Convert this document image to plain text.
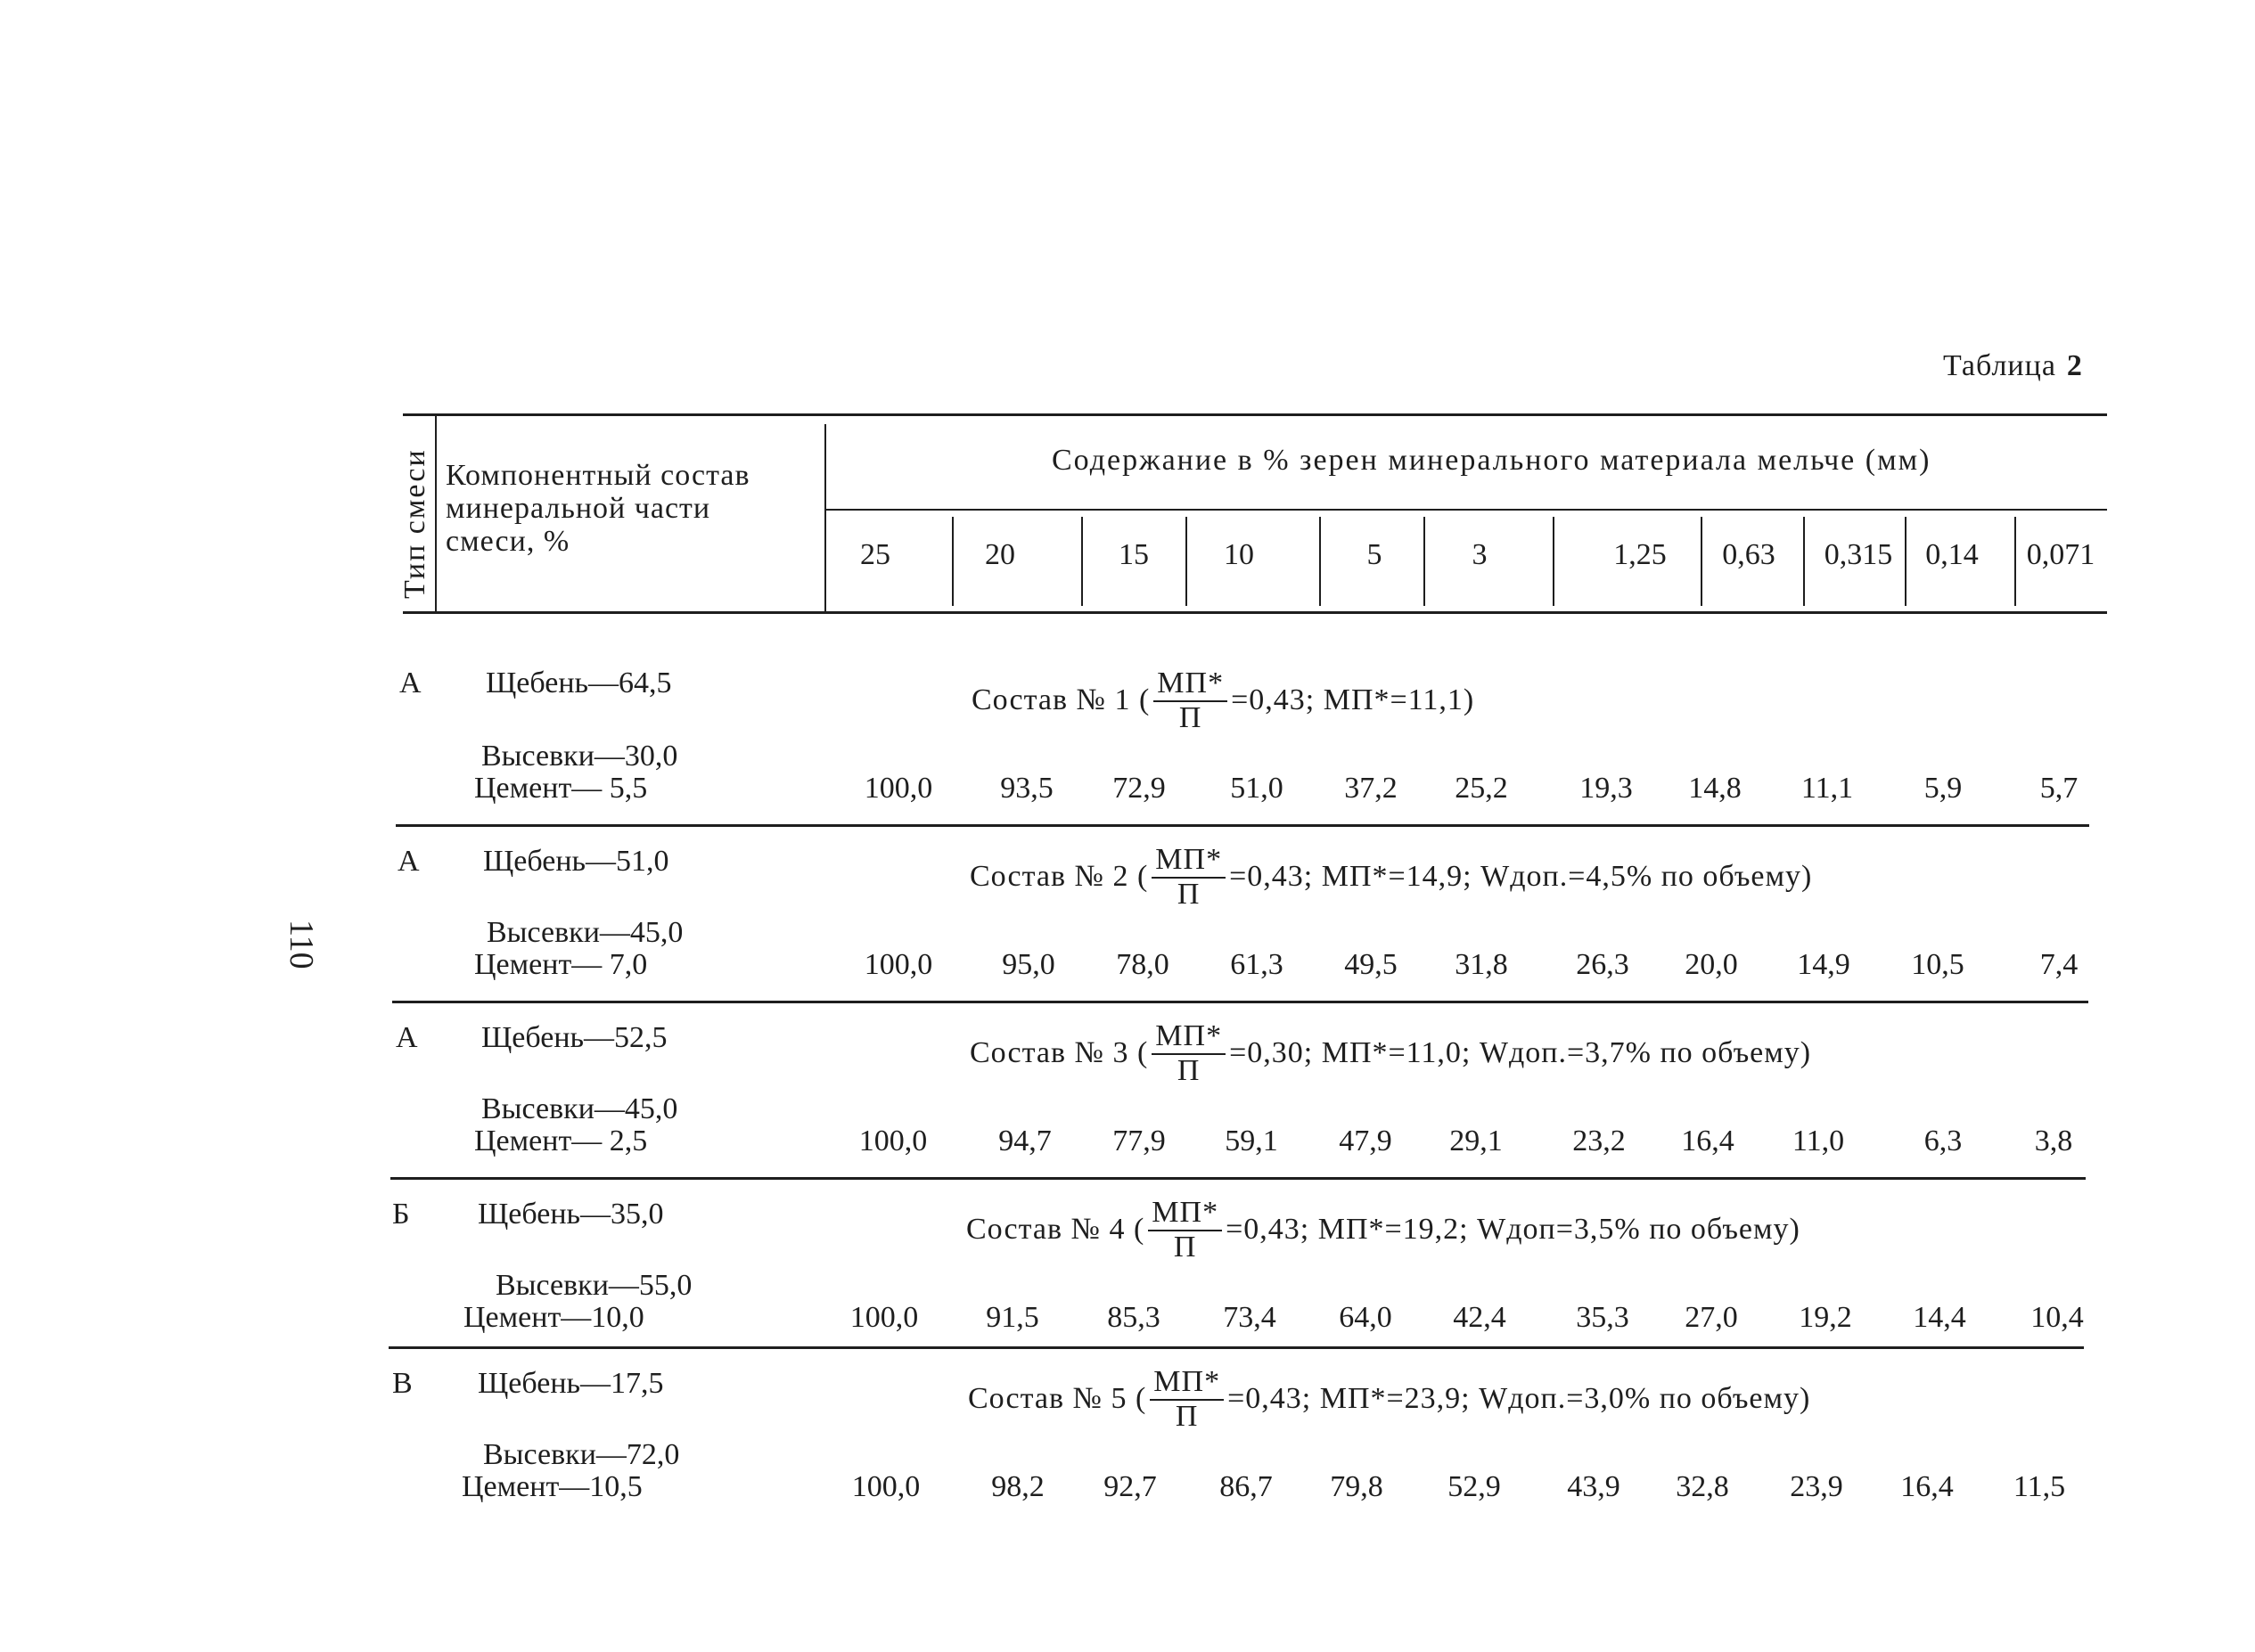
Таблица 2
110
Тип смеси Компонентный состав
минеральной части
смеси, %
Содержание в % зерен минерального материала мельче (мм)
25	20	15	10	5	3	1,25	0,63	0,315	0,14	0,071
А Щебень—64,5
Высевки—30,0
Цемент— 5,5
Состав № 1 ( $\frac{МП*}{П} =0,43$; МП*=11,1)
100,0	93,5	72,9	51,0	37,2	25,2	19,3	14,8	11,1	5,9	5,7
А Щебень—51,0
Высевки—45,0
Цемент— 7,0
Состав № 2 ( $\frac{МП*}{П} =0,43$; МП*=14,9; Wдоп.=4,5% по объему)
100,0	95,0	78,0	61,3	49,5	31,8	26,3	20,0	14,9	10,5	7,4
А Щебень—52,5
Высевки—45,0
Цемент— 2,5
Состав № 3 ( $\frac{МП*}{П} =0,30$; МП*=11,0; Wдоп.=3,7% по объему)
100,0	94,7	77,9	59,1	47,9	29,1	23,2	16,4	11,0	6,3	3,8
Б Щебень—35,0
Высевки—55,0
Цемент—10,0
Состав № 4 ( $\frac{МП*}{П} =0,43$; МП*=19,2; Wдоп=3,5% по объему)
100,0	91,5	85,3	73,4	64,0	42,4	35,3	27,0	19,2	14,4	10,4
В Щебень—17,5
Высевки—72,0
Цемент—10,5
Состав № 5 ( $\frac{МП*}{П} =0,43$; МП*=23,9; Wдоп.=3,0% по объему)
100,0	98,2	92,7	86,7	79,8	52,9	43,9	32,8	23,9	16,4	11,5
